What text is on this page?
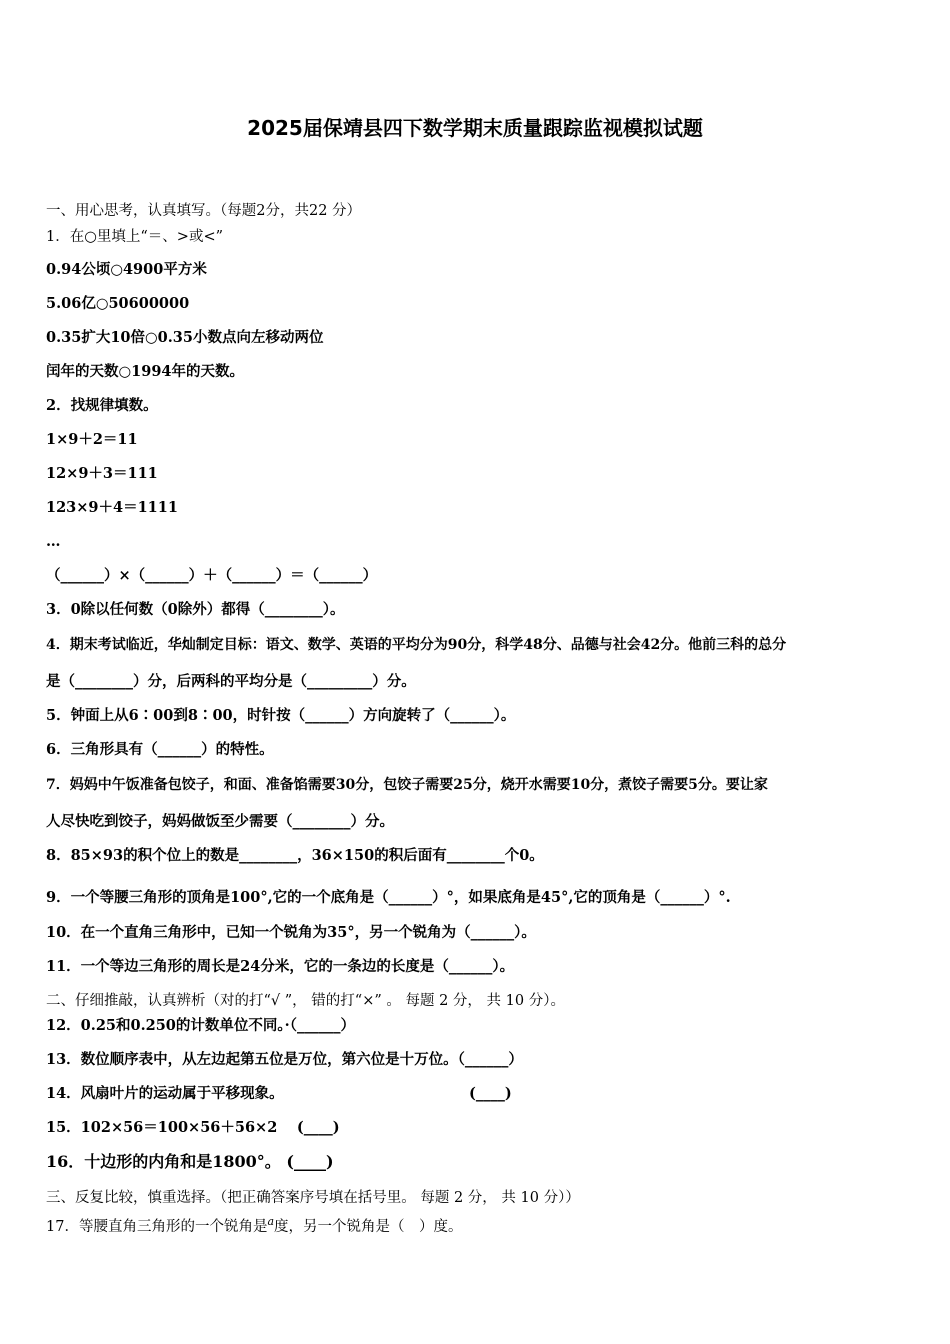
2025届保靖县四下数学期末质量跟踪监视模拟试题
一、用心思考，认真填写。（每题2分，共22 分）
1．在○里填上“＝、>或<”
0.94公顷○4900平方米
5.06亿○50600000
0.35扩大10倍○0.35小数点向左移动两位
闰年的天数○1994年的天数。
2．找规律填数。
1×9＋2＝11
12×9＋3＝111
123×9＋4＝1111
…
（______）×（______）＋（______）＝（______）
3．0除以任何数（0除外）都得（________）。
4．期末考试临近，华灿制定目标：语文、数学、英语的平均分为90分，科学48分、品德与社会42分。他前三科的总分
是（________）分，后两科的平均分是（_________）分。
5．钟面上从6∶00到8∶00，时针按（______）方向旋转了（______）。
6．三角形具有（______）的特性。
7．妈妈中午饭准备包饺子，和面、准备馅需要30分，包饺子需要25分，烧开水需要10分，煮饺子需要5分。要让家
人尽快吃到饺子，妈妈做饭至少需要（________）分。
8．85×93的积个位上的数是________，36×150的积后面有________个0。
9．一个等腰三角形的顶角是100°,它的一个底角是（______）°，如果底角是45°,它的顶角是（______）°.
10．在一个直角三角形中，已知一个锐角为35°，另一个锐角为（______）。
11．一个等边三角形的周长是24分米，它的一条边的长度是（______）。
二、仔细推敲，认真辨析（对的打“√ ”， 错的打“×” 。 每题 2 分， 共 10 分）。
12．0.25和0.250的计数单位不同。·（______）
13．数位顺序表中，从左边起第五位是万位，第六位是十万位。（______）
14．风扇叶片的运动属于平移现象。	(____)
15．102×56＝100×56＋56×2 　(____)
16．十边形的内角和是1800°。 (____)
三、反复比较，慎重选择。（把正确答案序号填在括号里。 每题 2 分， 共 10 分））
17．等腰直角三角形的一个锐角是$^a$度，另一个锐角是（　）度。
